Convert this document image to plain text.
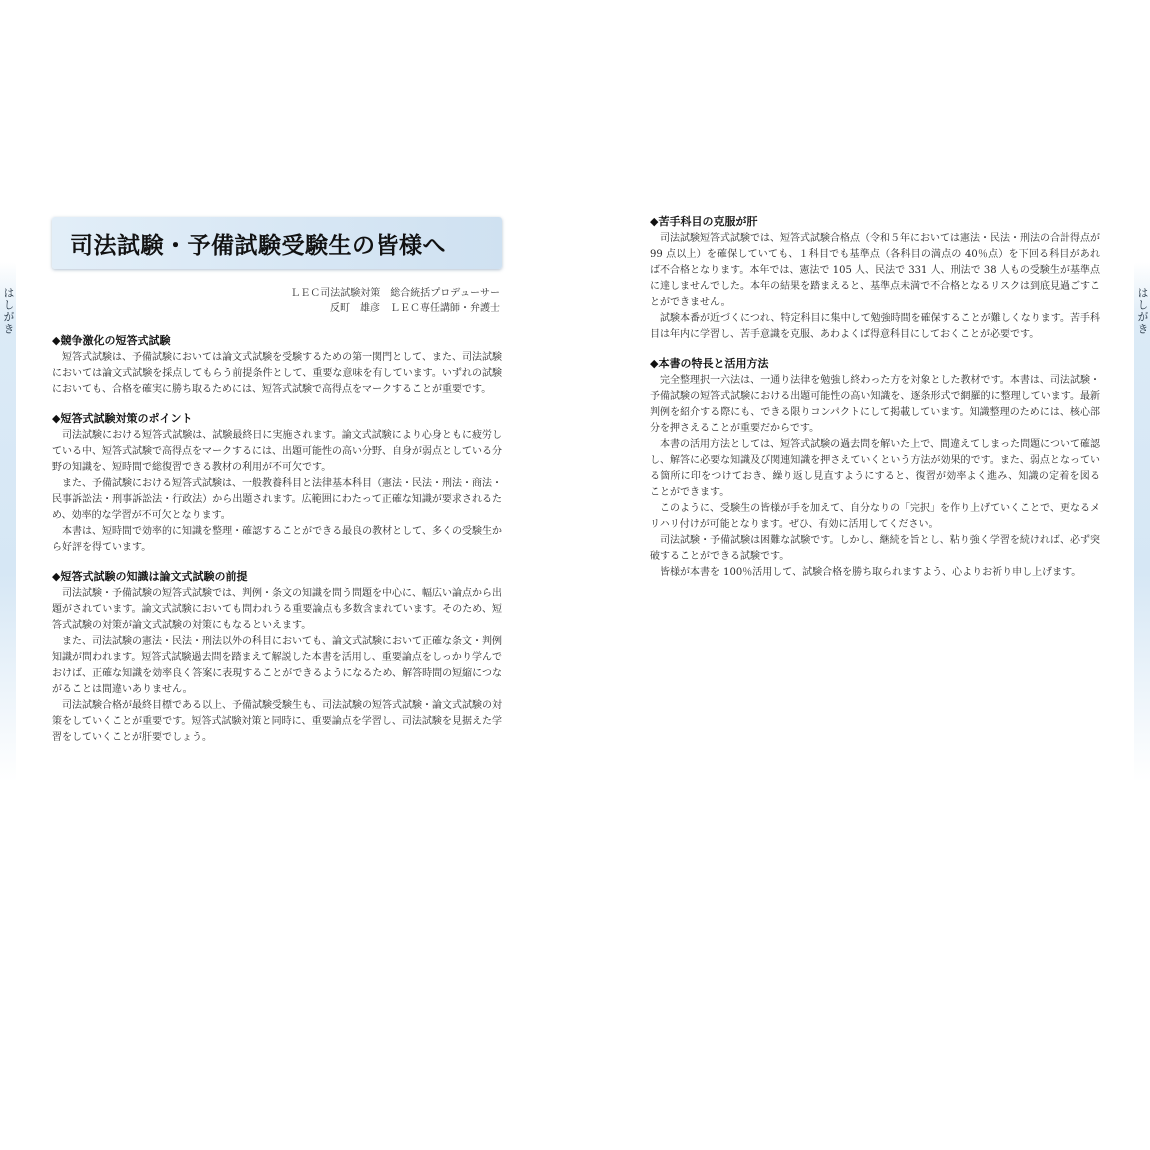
はしがき
司法試験・予備試験受験生の皆様へ
ＬＥＣ司法試験対策　総合統括プロデューサー
反町　雄彦　ＬＥＣ専任講師・弁護士
◆競争激化の短答式試験

短答式試験は、予備試験においては論文式試験を受験するための第一関門として、また、司法試験においては論文式試験を採点してもらう前提条件として、重要な意味を有しています。いずれの試験においても、合格を確実に勝ち取るためには、短答式試験で高得点をマークすることが重要です。

◆短答式試験対策のポイント

司法試験における短答式試験は、試験最終日に実施されます。論文式試験により心身ともに疲労している中、短答式試験で高得点をマークするには、出題可能性の高い分野、自身が弱点としている分野の知識を、短時間で総復習できる教材の利用が不可欠です。

また、予備試験における短答式試験は、一般教養科目と法律基本科目（憲法・民法・刑法・商法・民事訴訟法・刑事訴訟法・行政法）から出題されます。広範囲にわたって正確な知識が要求されるため、効率的な学習が不可欠となります。

本書は、短時間で効率的に知識を整理・確認することができる最良の教材として、多くの受験生から好評を得ています。

◆短答式試験の知識は論文式試験の前提

司法試験・予備試験の短答式試験では、判例・条文の知識を問う問題を中心に、幅広い論点から出題がされています。論文式試験においても問われうる重要論点も多数含まれています。そのため、短答式試験の対策が論文式試験の対策にもなるといえます。

また、司法試験の憲法・民法・刑法以外の科目においても、論文式試験において正確な条文・判例知識が問われます。短答式試験過去問を踏まえて解説した本書を活用し、重要論点をしっかり学んでおけば、正確な知識を効率良く答案に表現することができるようになるため、解答時間の短縮につながることは間違いありません。

司法試験合格が最終目標である以上、予備試験受験生も、司法試験の短答式試験・論文式試験の対策をしていくことが重要です。短答式試験対策と同時に、重要論点を学習し、司法試験を見据えた学習をしていくことが肝要でしょう。

はしがき
◆苦手科目の克服が肝

司法試験短答式試験では、短答式試験合格点（令和５年においては憲法・民法・刑法の合計得点が 99 点以上）を確保していても、１科目でも基準点（各科目の満点の 40％点）を下回る科目があれば不合格となります。本年では、憲法で 105 人、民法で 331 人、刑法で 38 人もの受験生が基準点に達しませんでした。本年の結果を踏まえると、基準点未満で不合格となるリスクは到底見過ごすことができません。

試験本番が近づくにつれ、特定科目に集中して勉強時間を確保することが難しくなります。苦手科目は年内に学習し、苦手意識を克服、あわよくば得意科目にしておくことが必要です。

◆本書の特長と活用方法

完全整理択一六法は、一通り法律を勉強し終わった方を対象とした教材です。本書は、司法試験・予備試験の短答式試験における出題可能性の高い知識を、逐条形式で網羅的に整理しています。最新判例を紹介する際にも、できる限りコンパクトにして掲載しています。知識整理のためには、核心部分を押さえることが重要だからです。

本書の活用方法としては、短答式試験の過去問を解いた上で、間違えてしまった問題について確認し、解答に必要な知識及び関連知識を押さえていくという方法が効果的です。また、弱点となっている箇所に印をつけておき、繰り返し見直すようにすると、復習が効率よく進み、知識の定着を図ることができます。

このように、受験生の皆様が手を加えて、自分なりの「完択」を作り上げていくことで、更なるメリハリ付けが可能となります。ぜひ、有効に活用してください。

司法試験・予備試験は困難な試験です。しかし、継続を旨とし、粘り強く学習を続ければ、必ず突破することができる試験です。

皆様が本書を 100％活用して、試験合格を勝ち取られますよう、心よりお祈り申し上げます。
